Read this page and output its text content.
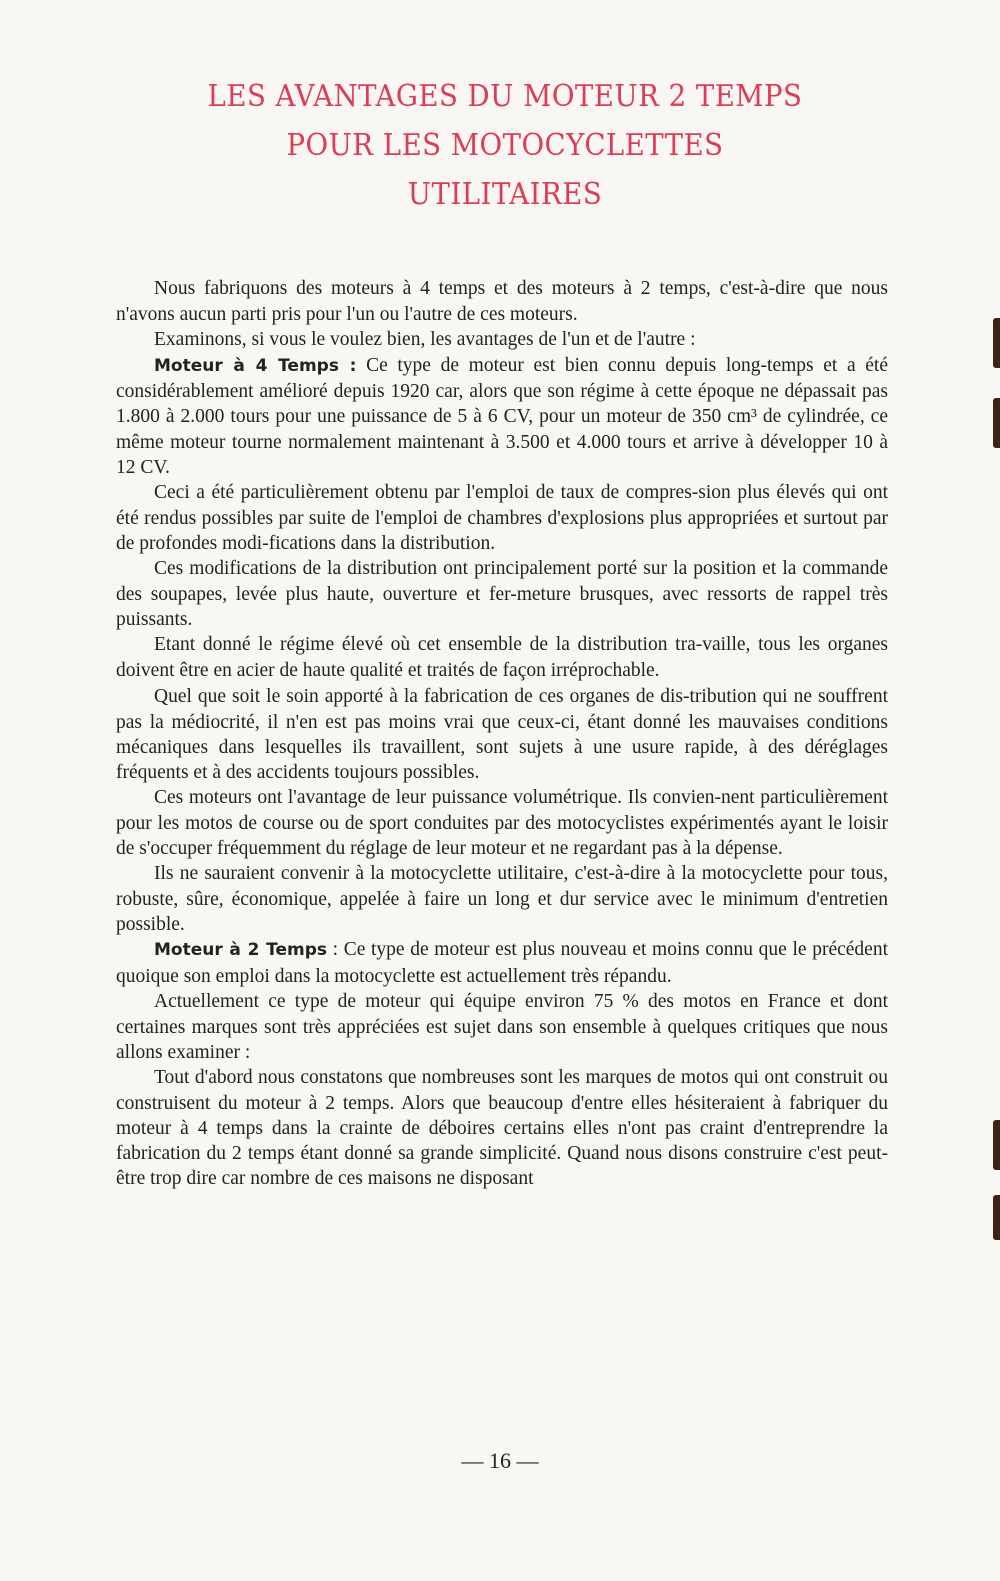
LES AVANTAGES DU MOTEUR 2 TEMPS
POUR LES MOTOCYCLETTES
UTILITAIRES

Nous fabriquons des moteurs à 4 temps et des moteurs à 2 temps, c'est-à-dire que nous n'avons aucun parti pris pour l'un ou l'autre de ces moteurs.

Examinons, si vous le voulez bien, les avantages de l'un et de l'autre :

Moteur à 4 Temps : Ce type de moteur est bien connu depuis long-temps et a été considérablement amélioré depuis 1920 car, alors que son régime à cette époque ne dépassait pas 1.800 à 2.000 tours pour une puissance de 5 à 6 CV, pour un moteur de 350 cm³ de cylindrée, ce même moteur tourne normalement maintenant à 3.500 et 4.000 tours et arrive à développer 10 à 12 CV.

Ceci a été particulièrement obtenu par l'emploi de taux de compres-sion plus élevés qui ont été rendus possibles par suite de l'emploi de chambres d'explosions plus appropriées et surtout par de profondes modi-fications dans la distribution.

Ces modifications de la distribution ont principalement porté sur la position et la commande des soupapes, levée plus haute, ouverture et fer-meture brusques, avec ressorts de rappel très puissants.

Etant donné le régime élevé où cet ensemble de la distribution tra-vaille, tous les organes doivent être en acier de haute qualité et traités de façon irréprochable.

Quel que soit le soin apporté à la fabrication de ces organes de dis-tribution qui ne souffrent pas la médiocrité, il n'en est pas moins vrai que ceux-ci, étant donné les mauvaises conditions mécaniques dans lesquelles ils travaillent, sont sujets à une usure rapide, à des déréglages fréquents et à des accidents toujours possibles.

Ces moteurs ont l'avantage de leur puissance volumétrique. Ils convien-nent particulièrement pour les motos de course ou de sport conduites par des motocyclistes expérimentés ayant le loisir de s'occuper fréquemment du réglage de leur moteur et ne regardant pas à la dépense.

Ils ne sauraient convenir à la motocyclette utilitaire, c'est-à-dire à la motocyclette pour tous, robuste, sûre, économique, appelée à faire un long et dur service avec le minimum d'entretien possible.

Moteur à 2 Temps : Ce type de moteur est plus nouveau et moins connu que le précédent quoique son emploi dans la motocyclette est actuellement très répandu.

Actuellement ce type de moteur qui équipe environ 75 % des motos en France et dont certaines marques sont très appréciées est sujet dans son ensemble à quelques critiques que nous allons examiner :

Tout d'abord nous constatons que nombreuses sont les marques de motos qui ont construit ou construisent du moteur à 2 temps. Alors que beaucoup d'entre elles hésiteraient à fabriquer du moteur à 4 temps dans la crainte de déboires certains elles n'ont pas craint d'entreprendre la fabrication du 2 temps étant donné sa grande simplicité. Quand nous disons construire c'est peut-être trop dire car nombre de ces maisons ne disposant

— 16 —
